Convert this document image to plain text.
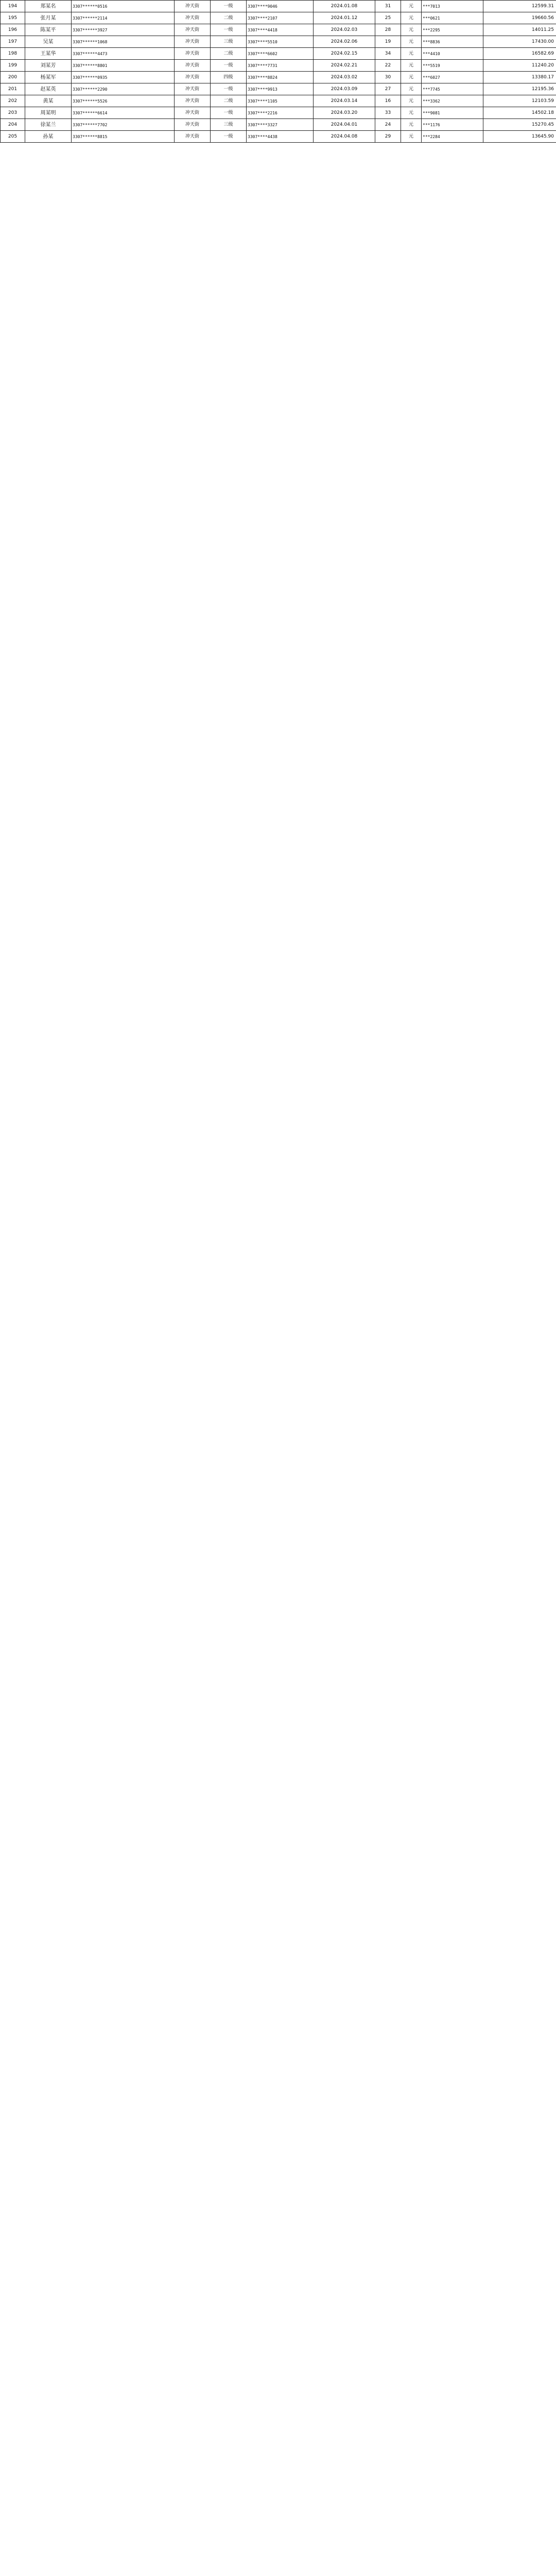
194	郑某名	3307******0516	冲天街	一级	3307****9046	2024.01.08	31	元	***7013	12599.31
195	张月某	3307******2114	冲天街	二级	3307****2107	2024.01.12	25	元	***0621	19660.56
196	陈某平	3307******3927	冲天街	一级	3307****4418	2024.02.03	28	元	***2295	14011.25
197	吴某	3307******1068	冲天街	三级	3307****5510	2024.02.06	19	元	***8836	17430.00
198	王某华	3307******4473	冲天街	二级	3307****6602	2024.02.15	34	元	***4410	16582.69
199	刘某芳	3307******8801	冲天街	一级	3307****7731	2024.02.21	22	元	***5519	11240.20
200	杨某军	3307******0935	冲天街	四级	3307****8824	2024.03.02	30	元	***6027	13380.17
201	赵某英	3307******2290	冲天街	一级	3307****9913	2024.03.09	27	元	***7745	12195.36
202	黄某	3307******5526	冲天街	二级	3307****1105	2024.03.14	16	元	***3362	12103.59
203	周某明	3307******6614	冲天街	一级	3307****2216	2024.03.20	33	元	***9081	14502.18
204	徐某兰	3307******7702	冲天街	三级	3307****3327	2024.04.01	24	元	***1176	15270.45
205	孙某	3307******8815	冲天街	一级	3307****4438	2024.04.08	29	元	***2284	13645.90
